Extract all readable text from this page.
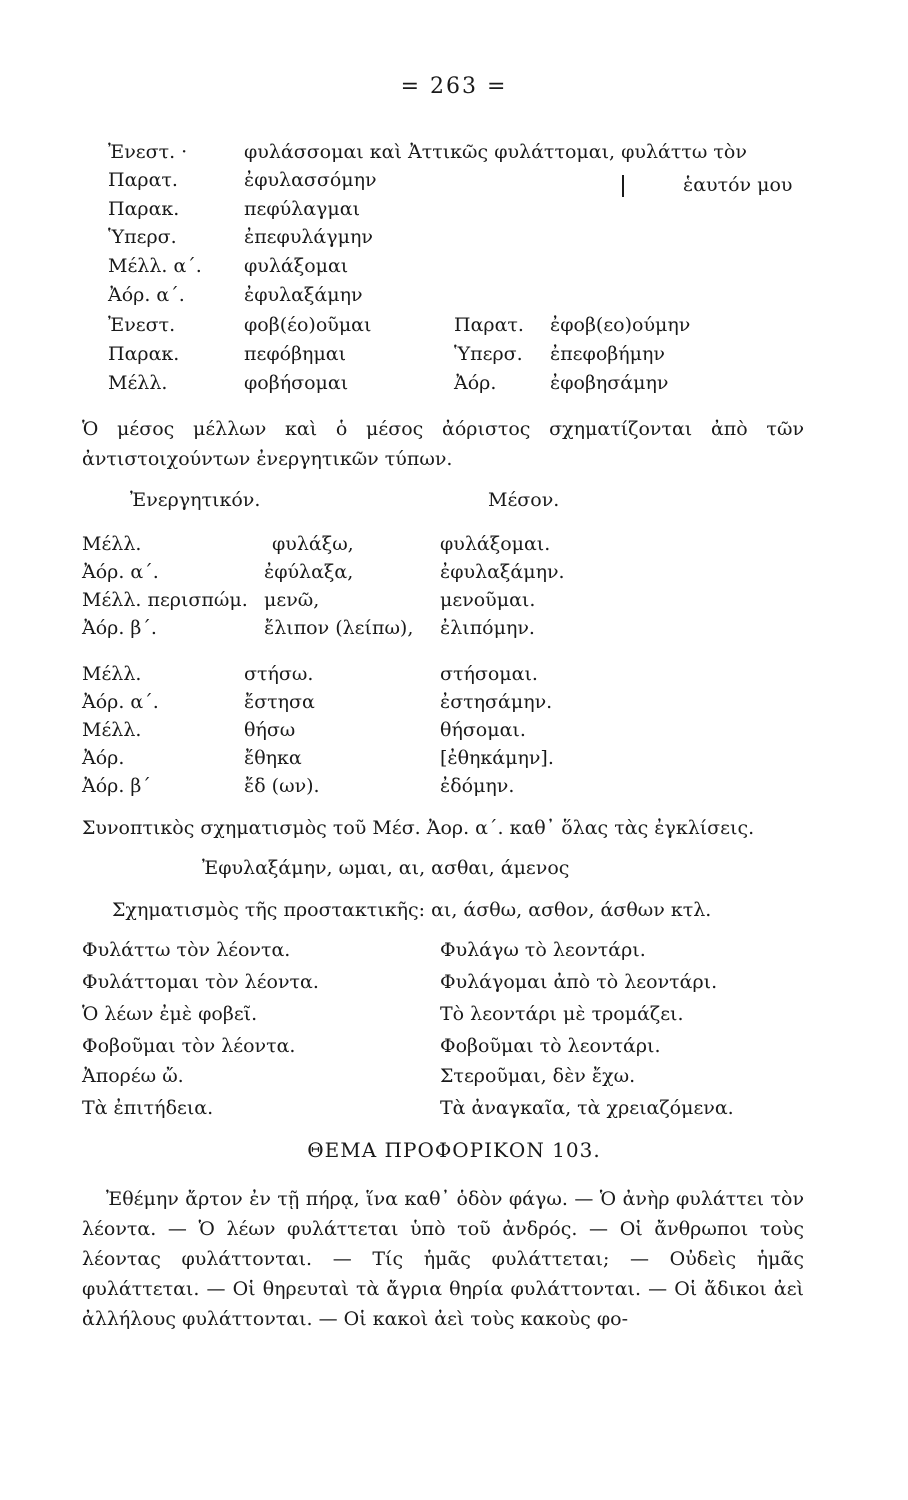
= 263 =
Ἐνεστ. ·	φυλάσσομαι καὶ Ἀττικῶς φυλάττομαι, φυλάττω τὸν
Παρατ.	ἐφυλασσόμην	ἑαυτόν μου
Παρακ.	πεφύλαγμαι
Ὑπερσ.	ἐπεφυλάγμην
Μέλλ. α΄. φυλάξομαι
Ἀόρ. α΄.	ἐφυλαξάμην
Ἐνεστ.	φοβ(έο)οῦμαι	Παρατ. ἐφοβ(εο)ούμην
Παρακ.	πεφόβημαι	Ὑπερσ. ἐπεφοβήμην
Μέλλ.	φοβήσομαι	Ἀόρ.	ἐφοβησάμην
Ὁ μέσος μέλλων καὶ ὁ μέσος ἀόριστος σχηματίζονται ἀπὸ τῶν ἀντιστοιχούντων ἐνεργητικῶν τύπων.
Ἐνεργητικόν.	Μέσον.
Μέλλ.	φυλάξω,	φυλάξομαι.
Ἀόρ. α΄.	ἐφύλαξα,	ἐφυλαξάμην.
Μέλλ. περισπώμ. μενῶ,	μενοῦμαι.
Ἀόρ. β΄.	ἔλιπον (λείπω), ἐλιπόμην.
Μέλλ.	στήσω.	στήσομαι.
Ἀόρ. α΄.	ἔστησα	ἐστησάμην.
Μέλλ.	θήσω	θήσομαι.
Ἀόρ.	ἔθηκα	[ἐθηκάμην].
Ἀόρ. β΄	ἔδ (ων).	ἐδόμην.
Συνοπτικὸς σχηματισμὸς τοῦ Μέσ. Ἀορ. α΄. καθ᾽ ὅλας τὰς ἐγκλίσεις.
Ἐφυλαξάμην, ωμαι, αι, ασθαι, άμενος
Σχηματισμὸς τῆς προστακτικῆς: αι, άσθω, ασθον, άσθων κτλ.
Φυλάττω τὸν λέοντα.	Φυλάγω τὸ λεοντάρι.
Φυλάττομαι τὸν λέοντα.	Φυλάγομαι ἀπὸ τὸ λεοντάρι.
Ὁ λέων ἐμὲ φοβεῖ.	Τὸ λεοντάρι μὲ τρομάζει.
Φοβοῦμαι τὸν λέοντα.	Φοβοῦμαι τὸ λεοντάρι.
Ἀπορέω ὤ.	Στεροῦμαι, δὲν ἔχω.
Τὰ ἐπιτήδεια.	Τὰ ἀναγκαῖα, τὰ χρειαζόμενα.
ΘΕΜΑ ΠΡΟΦΟΡΙΚΟΝ 103.
Ἐθέμην ἄρτον ἐν τῇ πήρᾳ, ἵνα καθ᾽ ὁδὸν φάγω. — Ὁ ἀνὴρ φυλάττει τὸν λέοντα. — Ὁ λέων φυλάττεται ὑπὸ τοῦ ἀνδρός. — Οἱ ἄνθρωποι τοὺς λέοντας φυλάττονται. — Τίς ἡμᾶς φυλάττεται; — Οὐδεὶς ἡμᾶς φυλάττεται. — Οἱ θηρευταὶ τὰ ἄγρια θηρία φυλάττονται. — Οἱ ἄδικοι ἀεὶ ἀλλήλους φυλάττονται. — Οἱ κακοὶ ἀεὶ τοὺς κακοὺς φο-
